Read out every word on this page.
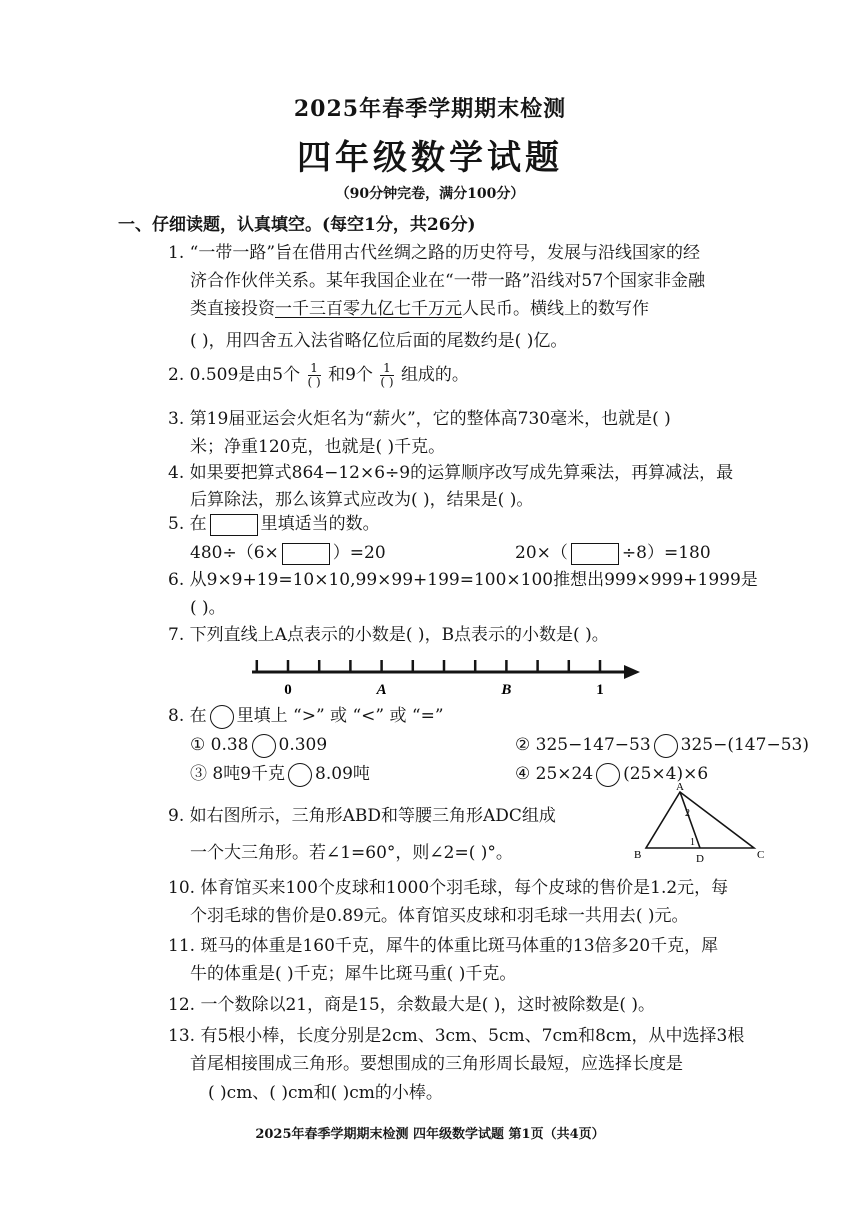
2025年春季学期期末检测
四年级数学试题
（90分钟完卷，满分100分）
一、仔细读题，认真填空。(每空1分，共26分)
1. “一带一路”旨在借用古代丝绸之路的历史符号，发展与沿线国家的经
济合作伙伴关系。某年我国企业在“一带一路”沿线对57个国家非金融
类直接投资一千三百零九亿七千万元人民币。横线上的数写作
( )，用四舍五入法省略亿位后面的尾数约是( )亿。
2. 0.509是由5个 $\frac{1}{( )}$ 和9个 $\frac{1}{( )}$ 组成的。
3. 第19届亚运会火炬名为“薪火”，它的整体高730毫米，也就是( )
米；净重120克，也就是( )千克。
4. 如果要把算式864−12×6÷9的运算顺序改写成先算乘法，再算减法，最
后算除法，那么该算式应改为( )，结果是( )。
5. 在	里填适当的数。
480÷（6×	）=20	20×（	÷8）=180
6. 从9×9+19=10×10,99×99+199=100×100推想出999×999+1999是
( )。
7. 下列直线上A点表示的小数是( )，B点表示的小数是( )。
0	A	B	1
8. 在 里填上 “>” 或 “<” 或 “=”
① 0.38 0.309	② 325−147−53 325−(147−53)
③ 8吨9千克 8.09吨	④ 25×24 (25×4)×6
9. 如右图所示，三角形ABD和等腰三角形ADC组成
一个大三角形。若∠1=60°，则∠2=( )°。
A
B	C
D
1
2
10. 体育馆买来100个皮球和1000个羽毛球，每个皮球的售价是1.2元，每
个羽毛球的售价是0.89元。体育馆买皮球和羽毛球一共用去( )元。
11. 斑马的体重是160千克，犀牛的体重比斑马体重的13倍多20千克，犀
牛的体重是( )千克；犀牛比斑马重( )千克。
12. 一个数除以21，商是15，余数最大是( )，这时被除数是( )。
13. 有5根小棒，长度分别是2cm、3cm、5cm、7cm和8cm，从中选择3根
首尾相接围成三角形。要想围成的三角形周长最短，应选择长度是
( )cm、( )cm和( )cm的小棒。
2025年春季学期期末检测 四年级数学试题 第1页（共4页）
